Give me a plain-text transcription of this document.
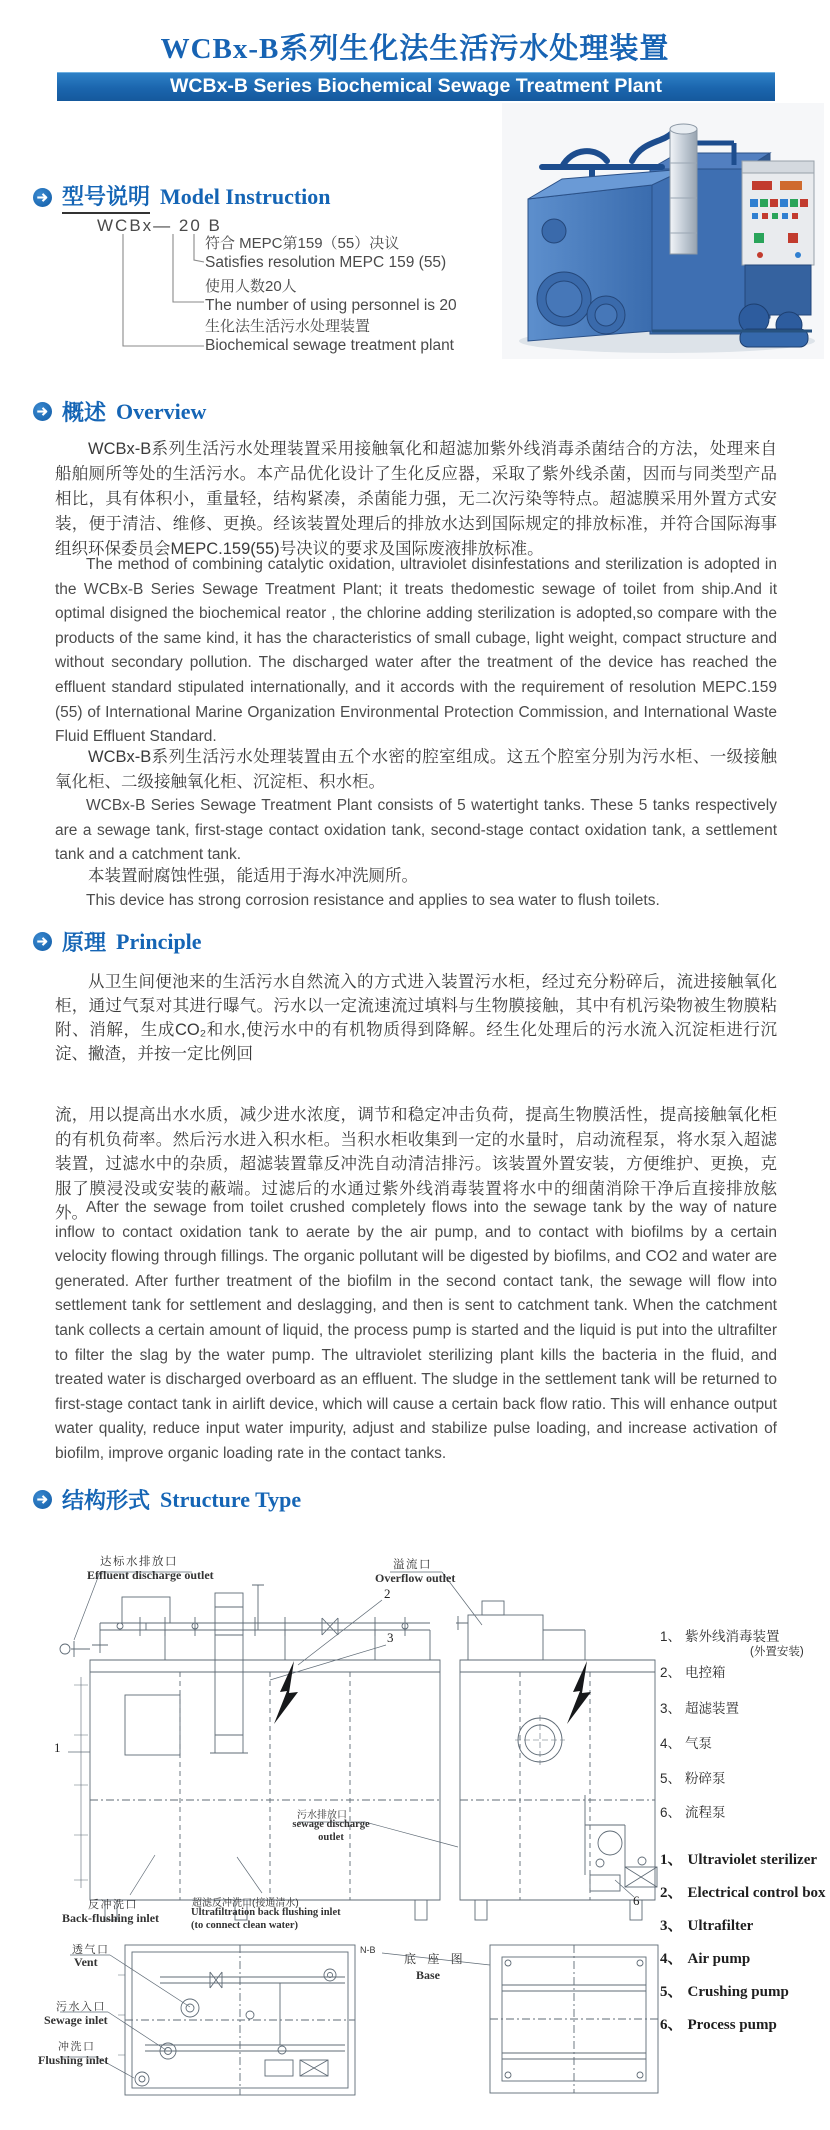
WCBx-B系列生化法生活污水处理装置
WCBx-B Series Biochemical Sewage Treatment Plant
型号说明 Model Instruction
WCBx— 20 B
符合 MEPC第159（55）决议
Satisfies resolution MEPC 159 (55)
使用人数20人
The number of using personnel is 20
生化法生活污水处理装置
Biochemical sewage treatment plant
概述 Overview

WCBx-B系列生活污水处理装置采用接触氧化和超滤加紫外线消毒杀菌结合的方法，处理来自船舶厕所等处的生活污水。本产品优化设计了生化反应器，采取了紫外线杀菌，因而与同类型产品相比，具有体积小，重量轻，结构紧凑，杀菌能力强，无二次污染等特点。超滤膜采用外置方式安装，便于清洁、维修、更换。经该装置处理后的排放水达到国际规定的排放标准，并符合国际海事组织环保委员会MEPC.159(55)号决议的要求及国际废液排放标准。

The method of combining catalytic oxidation, ultraviolet disinfestations and sterilization is adopted in the WCBx-B Series Sewage Treatment Plant; it treats thedomestic sewage of toilet from ship.And it optimal disigned the biochemical reator , the chlorine adding sterilization is adopted,so compare with the products of the same kind, it has the characteristics of small cubage, light weight, compact structure and without secondary pollution. The discharged water after the treatment of the device has reached the effluent standard stipulated internationally, and it accords with the requirement of resolution MEPC.159 (55) of International Marine Organization Environmental Protection Commission, and International Waste Fluid Effluent Standard.

WCBx-B系列生活污水处理装置由五个水密的腔室组成。这五个腔室分别为污水柜、一级接触氧化柜、二级接触氧化柜、沉淀柜、积水柜。

WCBx-B Series Sewage Treatment Plant consists of 5 watertight tanks. These 5 tanks respectively are a sewage tank, first-stage contact oxidation tank, second-stage contact oxidation tank, a settlement tank and a catchment tank.

本装置耐腐蚀性强，能适用于海水冲洗厕所。

This device has strong corrosion resistance and applies to sea water to flush toilets.

原理 Principle

从卫生间便池来的生活污水自然流入的方式进入装置污水柜，经过充分粉碎后，流进接触氧化柜，通过气泵对其进行曝气。污水以一定流速流过填料与生物膜接触，其中有机污染物被生物膜粘附、消解，生成CO₂和水,使污水中的有机物质得到降解。经生化处理后的污水流入沉淀柜进行沉淀、撇渣，并按一定比例回

流，用以提高出水水质，减少进水浓度，调节和稳定冲击负荷，提高生物膜活性，提高接触氧化柜的有机负荷率。然后污水进入积水柜。当积水柜收集到一定的水量时，启动流程泵，将水泵入超滤装置，过滤水中的杂质，超滤装置靠反冲洗自动清洁排污。该装置外置安装，方便维护、更换，克服了膜浸没或安装的蔽端。过滤后的水通过紫外线消毒装置将水中的细菌消除干净后直接排放舷外。

After the sewage from toilet crushed completely flows into the sewage tank by the way of nature inflow to contact oxidation tank to aerate by the air pump, and to contact with biofilms by a certain velocity flowing through fillings. The organic pollutant will be digested by biofilms, and CO2 and water are generated. After further treatment of the biofilm in the second contact tank, the sewage will flow into settlement tank for settlement and deslagging, and then is sent to catchment tank. When the catchment tank collects a certain amount of liquid, the process pump is started and the liquid is put into the ultrafilter to filter the slag by the water pump. The ultraviolet sterilizing plant kills the bacteria in the fluid, and treated water is discharged overboard as an effluent. The sludge in the settlement tank will be returned to first-stage contact tank in airlift device, which will cause a certain back flow ratio. This will enhance output water quality, reduce input water impurity, adjust and stabilize pulse loading, and increase activation of biofilm, improve organic loading rate in the contact tanks.

结构形式 Structure Type
达标水排放口
Effluent discharge outlet
溢流口
Overflow outlet
2
3
1
6
污水排放口
sewage discharge outlet
反冲洗口
Back-flushing inlet
超滤反冲洗口(接通清水)
Ultrafiltration back flushing inlet (to connect clean water)
N-B
底 座 图
Base
透气口
Vent
污水入口
Sewage inlet
冲洗口
Flushing inlet
1、 紫外线消毒装置
(外置安装)
2、 电控箱
3、 超滤装置
4、 气泵
5、 粉碎泵
6、 流程泵
1、 Ultraviolet sterilizer
2、 Electrical control box
3、 Ultrafilter
4、 Air pump
5、 Crushing pump
6、 Process pump
